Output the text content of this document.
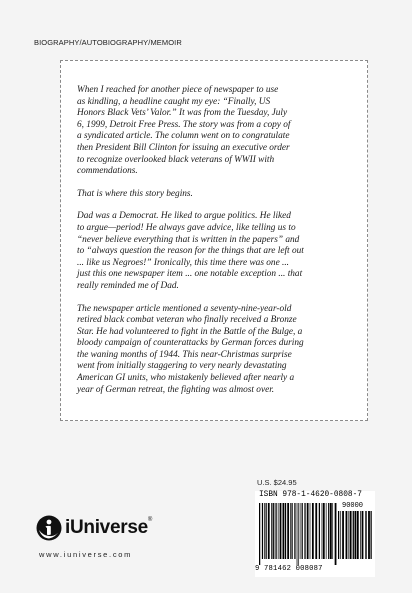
BIOGRAPHY/AUTOBIOGRAPHY/MEMOIR

When I reached for another piece of newspaper to use
as kindling, a headline caught my eye: “Finally, US
Honors Black Vets’ Valor.” It was from the Tuesday, July
6, 1999, Detroit Free Press. The story was from a copy of
a syndicated article. The column went on to congratulate
then President Bill Clinton for issuing an executive order
to recognize overlooked black veterans of WWII with
commendations.

That is where this story begins.

Dad was a Democrat. He liked to argue politics. He liked
to argue—period! He always gave advice, like telling us to
“never believe everything that is written in the papers” and
to “always question the reason for the things that are left out
... like us Negroes!” Ironically, this time there was one ...
just this one newspaper item ... one notable exception ... that
really reminded me of Dad.

The newspaper article mentioned a seventy-nine-year-old
retired black combat veteran who finally received a Bronze
Star. He had volunteered to fight in the Battle of the Bulge, a
bloody campaign of counterattacks by German forces during
the waning months of 1944. This near-Christmas surprise
went from initially staggering to very nearly devastating
American GI units, who mistakenly believed after nearly a
year of German retreat, the fighting was almost over.

U.S. $24.95
ISBN 978-1-4620-0808-7
90000
9 781462 008087
iUniverse®
www.iuniverse.com
